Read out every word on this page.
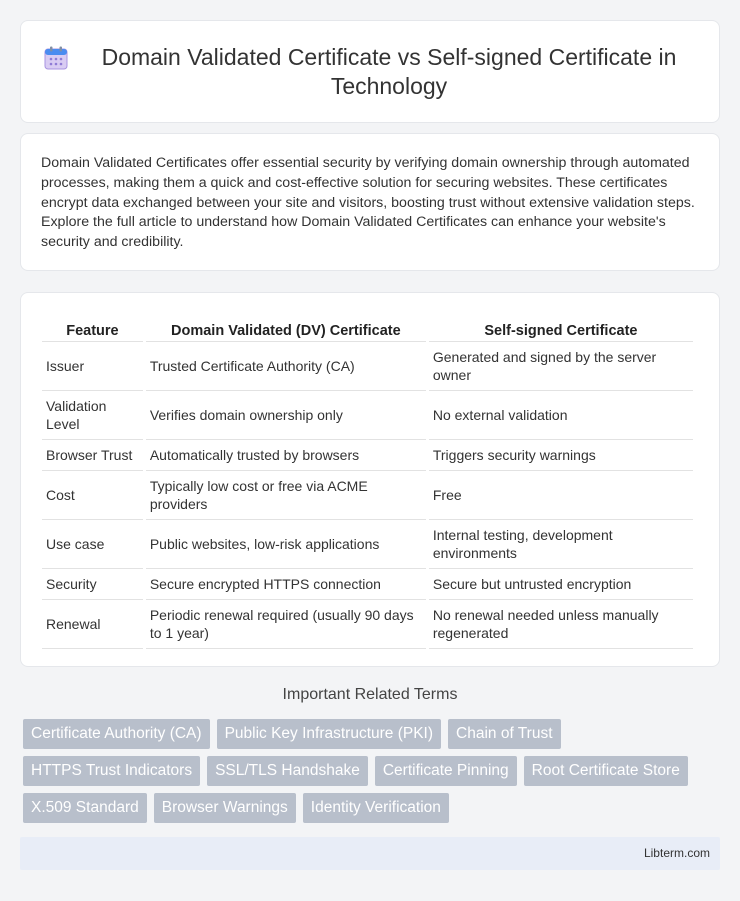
Domain Validated Certificate vs Self-signed Certificate in Technology

Domain Validated Certificates offer essential security by verifying domain ownership through automated processes, making them a quick and cost-effective solution for securing websites. These certificates encrypt data exchanged between your site and visitors, boosting trust without extensive validation steps. Explore the full article to understand how Domain Validated Certificates can enhance your website's security and credibility.

Feature	Domain Validated (DV) Certificate	Self-signed Certificate
Issuer	Trusted Certificate Authority (CA)	Generated and signed by the server owner
Validation Level	Verifies domain ownership only	No external validation
Browser Trust	Automatically trusted by browsers	Triggers security warnings
Cost	Typically low cost or free via ACME providers	Free
Use case	Public websites, low-risk applications	Internal testing, development environments
Security	Secure encrypted HTTPS connection	Secure but untrusted encryption
Renewal	Periodic renewal required (usually 90 days to 1 year)	No renewal needed unless manually regenerated
Important Related Terms
Certificate Authority (CA)	Public Key Infrastructure (PKI)	Chain of Trust
HTTPS Trust Indicators	SSL/TLS Handshake	Certificate Pinning	Root Certificate Store
X.509 Standard	Browser Warnings	Identity Verification
Libterm.com
